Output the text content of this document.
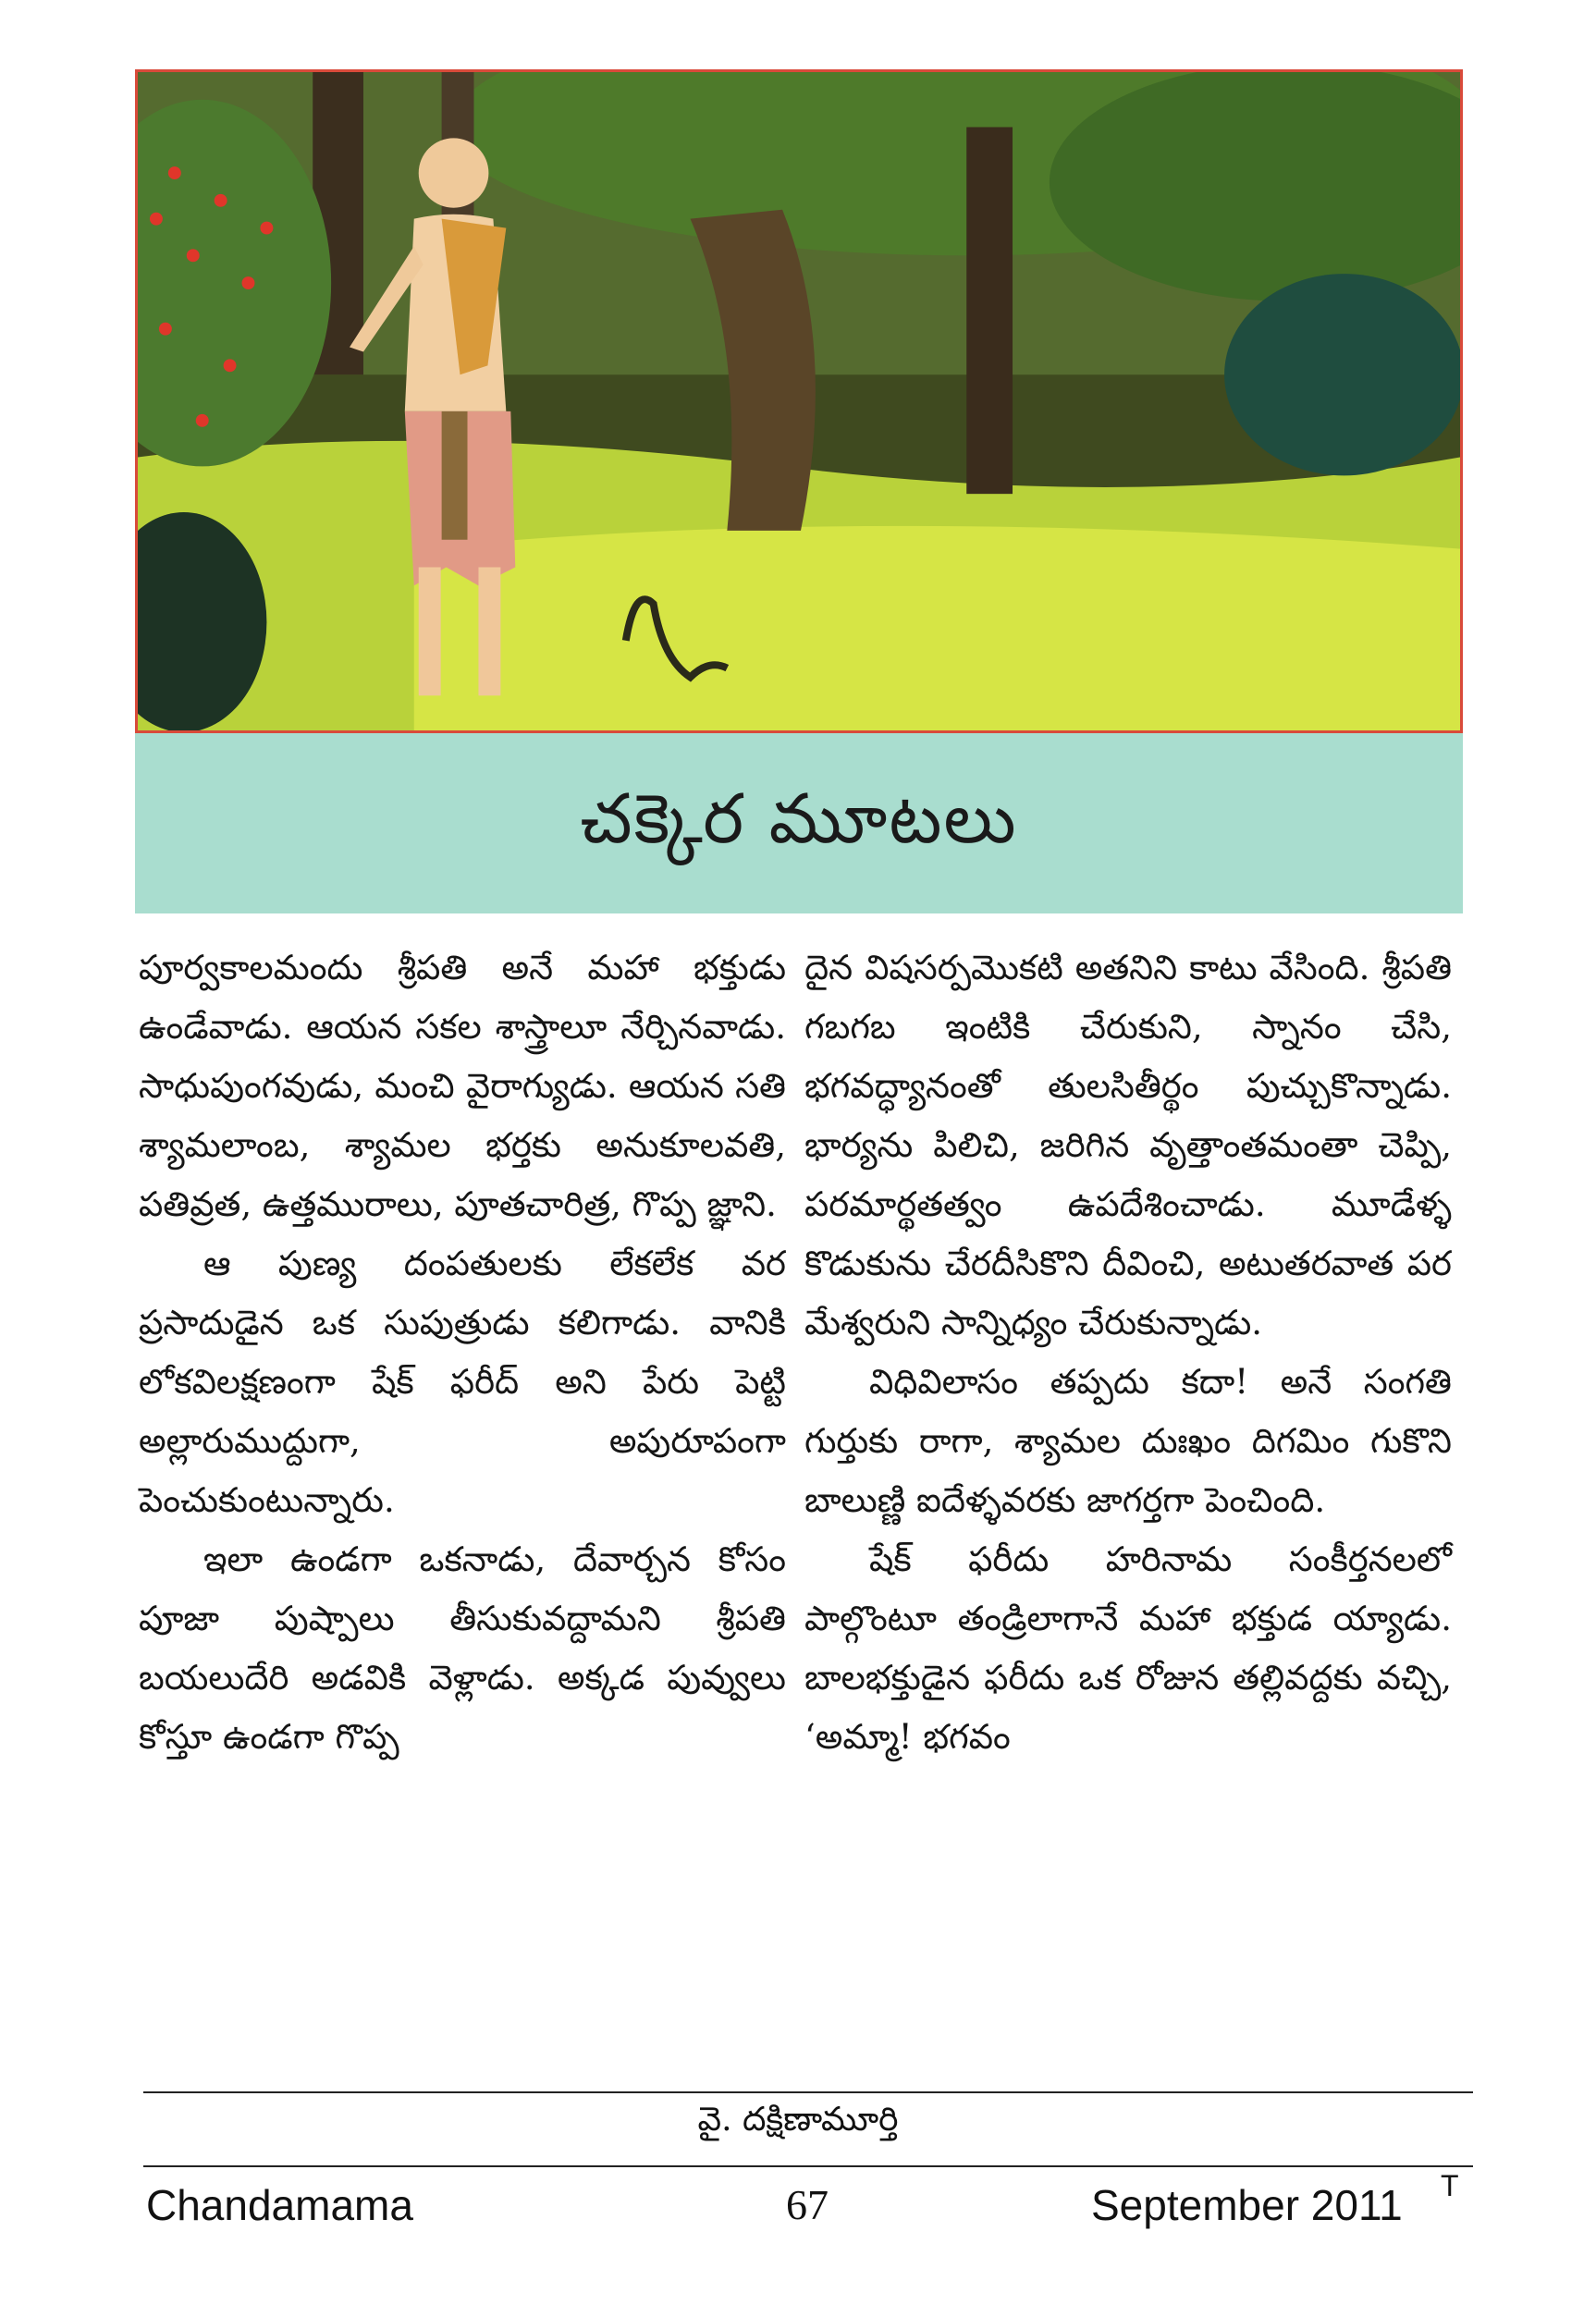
చక్కెర మూటలు

పూర్వకాలమందు శ్రీపతి అనే మహా భక్తుడు ఉండేవాడు. ఆయన సకల శాస్త్రాలూ నేర్చినవాడు. సాధుపుంగవుడు, మంచి వైరాగ్యుడు. ఆయన సతి శ్యామలాంబ, శ్యామల భర్తకు అనుకూలవతి, పతివ్రత, ఉత్తమురాలు, పూతచారిత్ర, గొప్ప జ్ఞాని.

ఆ పుణ్య దంపతులకు లేకలేక వర ప్రసాదుడైన ఒక సుపుత్రుడు కలిగాడు. వానికి లోకవిలక్షణంగా షేక్ ఫరీద్ అని పేరు పెట్టి అల్లారుముద్దుగా, అపురూపంగా పెంచుకుంటున్నారు.

ఇలా ఉండగా ఒకనాడు, దేవార్చన కోసం పూజా పుష్పాలు తీసుకువద్దామని శ్రీపతి బయలుదేరి అడవికి వెళ్లాడు. అక్కడ పువ్వులు కోస్తూ ఉండగా గొప్ప

దైన విషసర్పమొకటి అతనిని కాటు వేసింది. శ్రీపతి గబగబ ఇంటికి చేరుకుని, స్నానం చేసి, భగవద్ధ్యానంతో తులసితీర్థం పుచ్చుకొన్నాడు. భార్యను పిలిచి, జరిగిన వృత్తాంతమంతా చెప్పి, పరమార్థతత్వం ఉపదేశించాడు. మూడేళ్ళ కొడుకును చేరదీసికొని దీవించి, అటుతరవాత పర మేశ్వరుని సాన్నిధ్యం చేరుకున్నాడు.

విధివిలాసం తప్పదు కదా! అనే సంగతి గుర్తుకు రాగా, శ్యామల దుఃఖం దిగమిం గుకొని బాలుణ్ణి ఐదేళ్ళవరకు జాగర్తగా పెంచింది.

షేక్ ఫరీదు హరినామ సంకీర్తనలలో పాల్గొంటూ తండ్రిలాగానే మహా భక్తుడ య్యాడు. బాలభక్తుడైన ఫరీదు ఒక రోజున తల్లివద్దకు వచ్చి, ‘అమ్మా! భగవం

వై. దక్షిణామూర్తి
Chandamama	67	September 2011 T
